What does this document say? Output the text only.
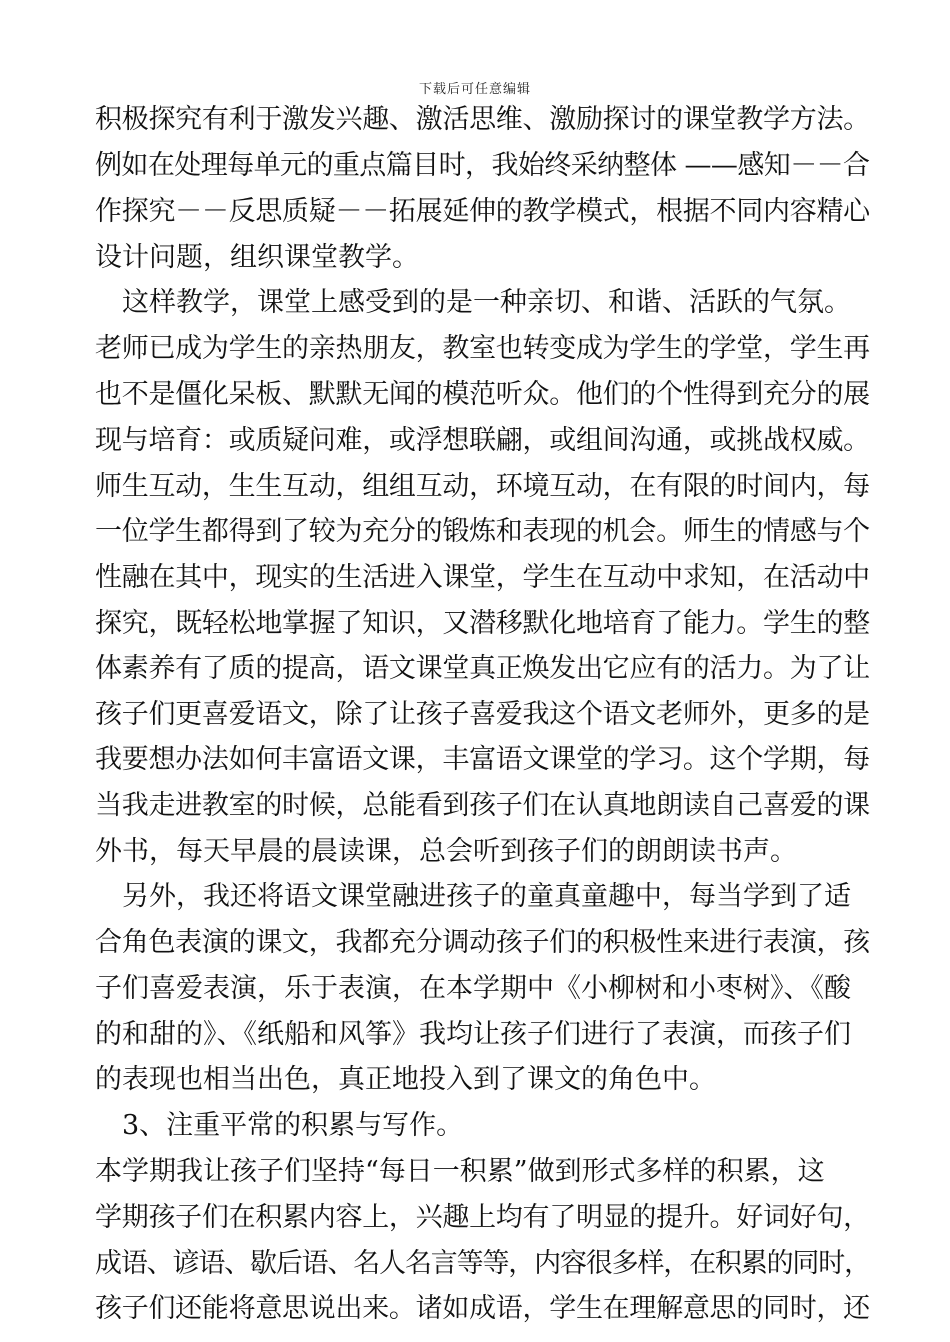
下载后可任意编辑
积极探究有利于激发兴趣、激活思维、激励探讨的课堂教学方法。
例如在处理每单元的重点篇目时，我始终采纳整体 ——感知－－合
作探究－－反思质疑－－拓展延伸的教学模式，根据不同内容精心
设计问题，组织课堂教学。
　这样教学，课堂上感受到的是一种亲切、和谐、活跃的气氛。
老师已成为学生的亲热朋友，教室也转变成为学生的学堂，学生再
也不是僵化呆板、默默无闻的模范听众。他们的个性得到充分的展
现与培育：或质疑问难，或浮想联翩，或组间沟通，或挑战权威。
师生互动，生生互动，组组互动，环境互动，在有限的时间内，每
一位学生都得到了较为充分的锻炼和表现的机会。师生的情感与个
性融在其中，现实的生活进入课堂，学生在互动中求知，在活动中
探究，既轻松地掌握了知识，又潜移默化地培育了能力。学生的整
体素养有了质的提高，语文课堂真正焕发出它应有的活力。为了让
孩子们更喜爱语文，除了让孩子喜爱我这个语文老师外，更多的是
我要想办法如何丰富语文课，丰富语文课堂的学习。这个学期，每
当我走进教室的时候，总能看到孩子们在认真地朗读自己喜爱的课
外书，每天早晨的晨读课，总会听到孩子们的朗朗读书声。
　另外，我还将语文课堂融进孩子的童真童趣中，每当学到了适
合角色表演的课文，我都充分调动孩子们的积极性来进行表演，孩
子们喜爱表演，乐于表演，在本学期中《小柳树和小枣树》、《酸
的和甜的》、《纸船和风筝》我均让孩子们进行了表演，而孩子们
的表现也相当出色，真正地投入到了课文的角色中。
　3、注重平常的积累与写作。
本学期我让孩子们坚持“每日一积累”做到形式多样的积累，这
学期孩子们在积累内容上，兴趣上均有了明显的提升。好词好句，
成语、谚语、歇后语、名人名言等等，内容很多样，在积累的同时，
孩子们还能将意思说出来。诸如成语，学生在理解意思的同时，还
